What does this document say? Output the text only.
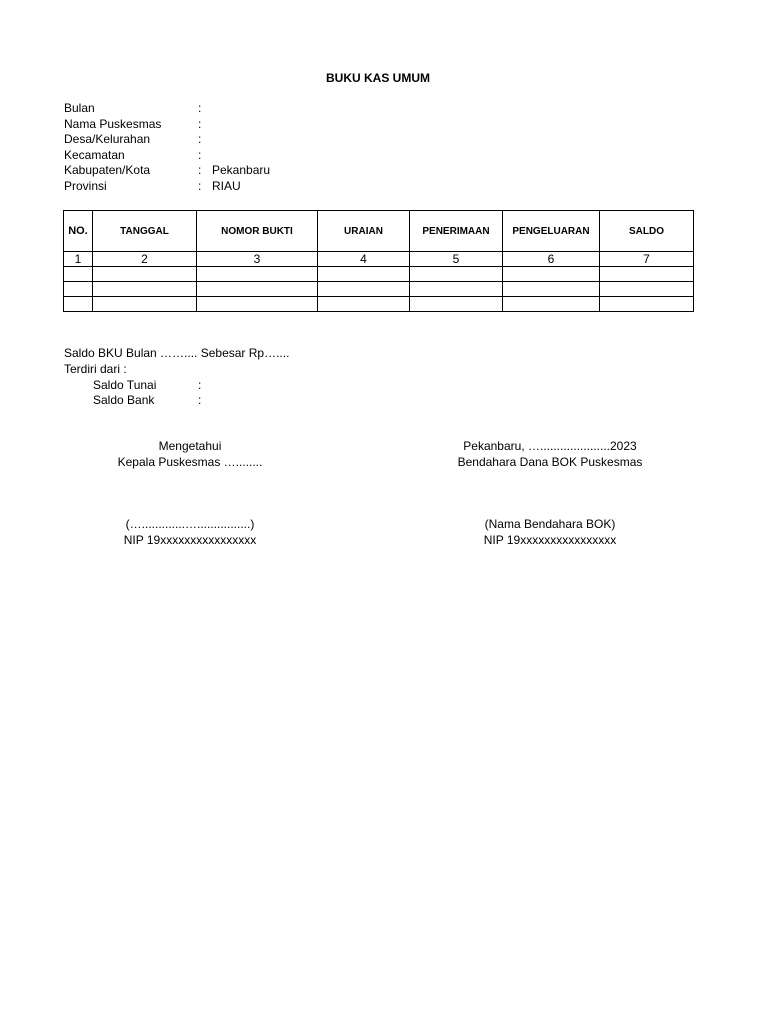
BUKU KAS UMUM
Bulan	:
Nama Puskesmas	:
Desa/Kelurahan	:
Kecamatan	:
Kabupaten/Kota	: Pekanbaru
Provinsi	: RIAU
NO.	TANGGAL	NOMOR BUKTI	URAIAN	PENERIMAAN	PENGELUARAN	SALDO
1	2	3	4	5	6	7

Saldo BKU Bulan …….... Sebesar Rp…....
Terdiri dari :
Saldo Tunai	:
Saldo Bank	:
Mengetahui
Kepala Puskesmas …........
(….............…................)
NIP 19xxxxxxxxxxxxxxxx
Pekanbaru, ….....................2023
Bendahara Dana BOK Puskesmas
(Nama Bendahara BOK)
NIP 19xxxxxxxxxxxxxxxx
